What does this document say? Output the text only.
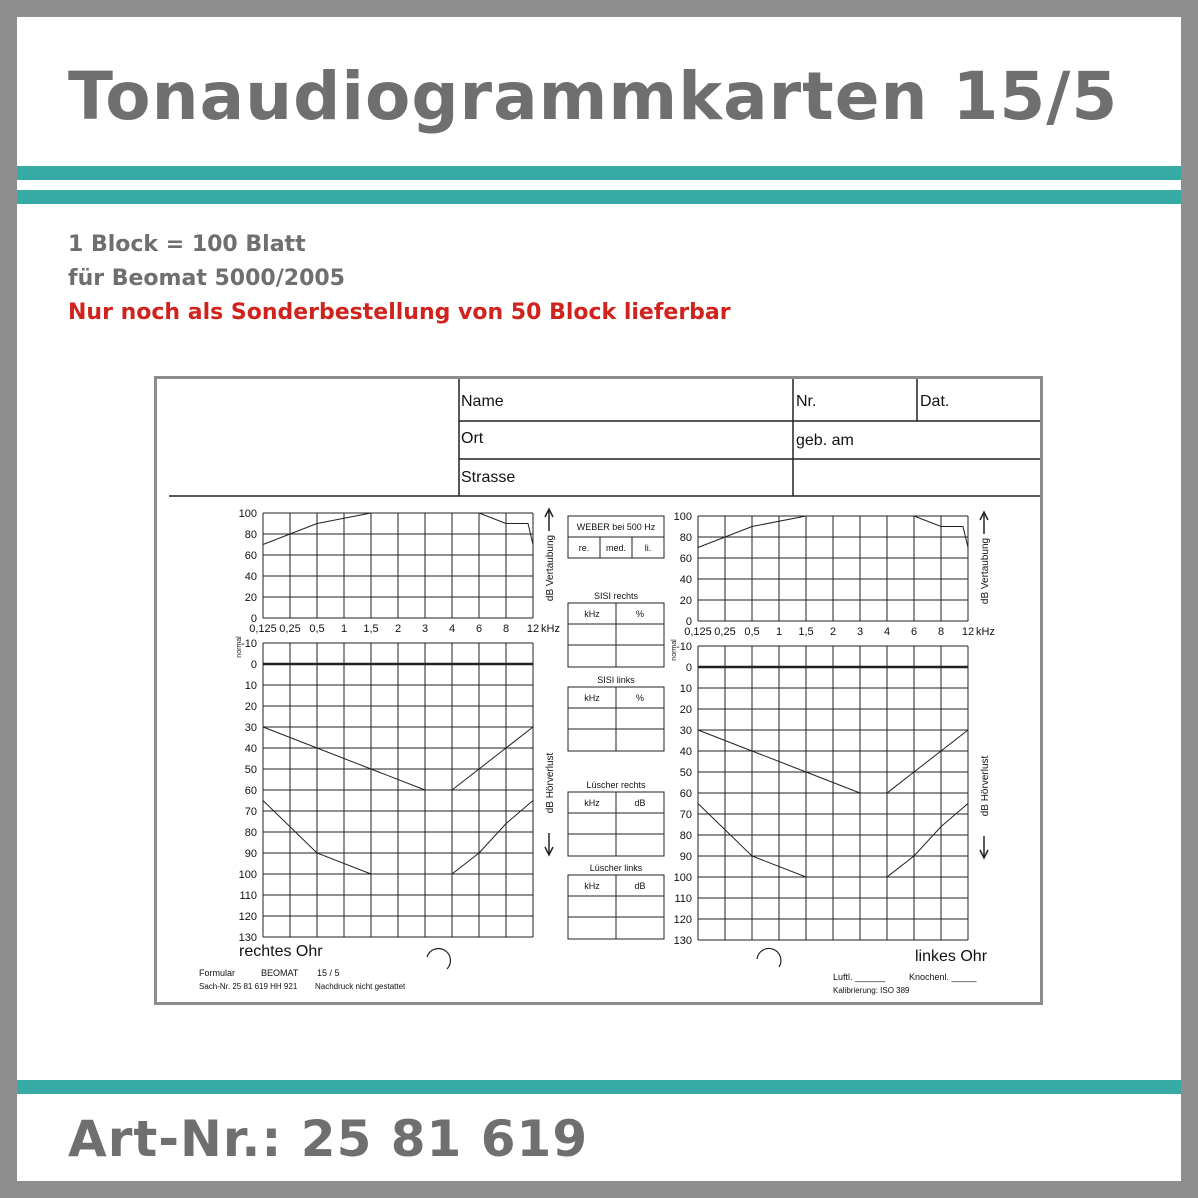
Tonaudiogrammkarten 15/5
1 Block = 100 Blatt
für Beomat 5000/2005
Nur noch als Sonderbestellung von 50 Block lieferbar
Name	Nr.	Dat.
Ort	geb. am
Strasse
100
80
60
40
20
0
0,125 0,25 0,5 1 1,5 2 3 4 6 8 12 kHz
-10
0
10
20
30
40
50
60
70
80
90
100
110
120
130
normal
dB Vertaubung
dB Hörverlust
100
80
60
40
20
0
0,125 0,25 0,5 1 1,5 2 3 4 6 8 12 kHz
-10
0
10
20
30
40
50
60
70
80
90
100
110
120
130
normal
dB Vertaubung
dB Hörverlust
WEBER bei 500 Hz
re. med. li.
SISI rechts
kHz	%
SISI links
kHz	%
Lüscher rechts
kHz	dB
Lüscher links
kHz	dB
rechtes Ohr	linkes Ohr
Formular	BEOMAT 15 / 5
Sach-Nr. 25 81 619 HH 921 Nachdruck nicht gestattet
Luftl. ______	Knochenl. _____
Kalibrierung: ISO 389
Art-Nr.: 25 81 619
